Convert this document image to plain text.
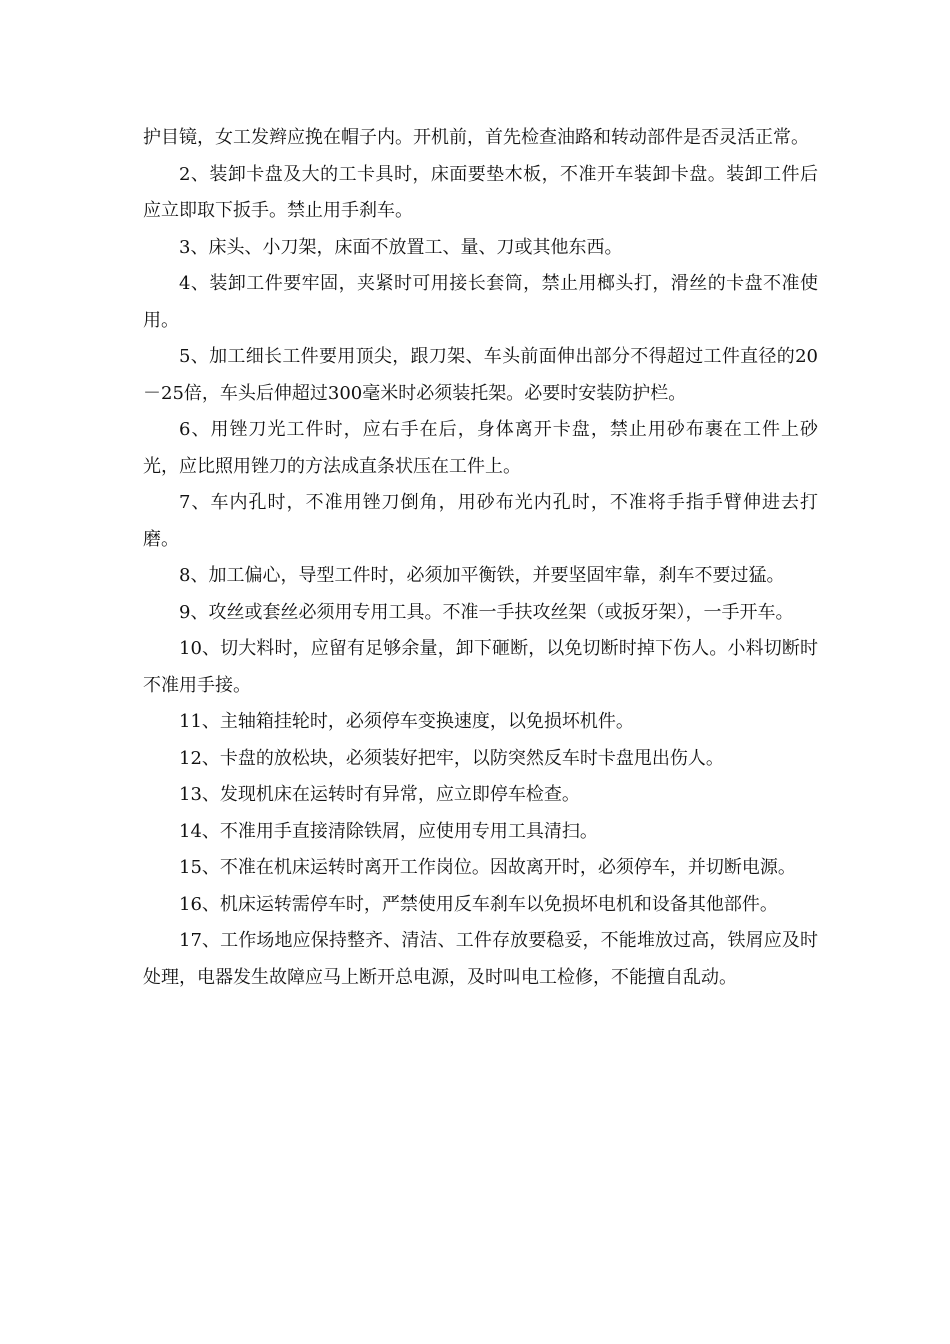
护目镜，女工发辫应挽在帽子内。开机前，首先检查油路和转动部件是否灵活正常。

2、装卸卡盘及大的工卡具时，床面要垫木板，不准开车装卸卡盘。装卸工件后应立即取下扳手。禁止用手刹车。

3、床头、小刀架，床面不放置工、量、刀或其他东西。

4、装卸工件要牢固，夹紧时可用接长套筒，禁止用榔头打，滑丝的卡盘不准使用。

5、加工细长工件要用顶尖，跟刀架、车头前面伸出部分不得超过工件直径的20－25倍，车头后伸超过300毫米时必须装托架。必要时安装防护栏。

6、用锉刀光工件时，应右手在后，身体离开卡盘，禁止用砂布裹在工件上砂光，应比照用锉刀的方法成直条状压在工件上。

7、车内孔时，不准用锉刀倒角，用砂布光内孔时，不准将手指手臂伸进去打磨。

8、加工偏心，导型工件时，必须加平衡铁，并要坚固牢靠，刹车不要过猛。

9、攻丝或套丝必须用专用工具。不准一手扶攻丝架（或扳牙架），一手开车。

10、切大料时，应留有足够余量，卸下砸断，以免切断时掉下伤人。小料切断时不准用手接。

11、主轴箱挂轮时，必须停车变换速度，以免损坏机件。

12、卡盘的放松块，必须装好把牢，以防突然反车时卡盘甩出伤人。

13、发现机床在运转时有异常，应立即停车检查。

14、不准用手直接清除铁屑，应使用专用工具清扫。

15、不准在机床运转时离开工作岗位。因故离开时，必须停车，并切断电源。

16、机床运转需停车时，严禁使用反车刹车以免损坏电机和设备其他部件。

17、工作场地应保持整齐、清洁、工件存放要稳妥，不能堆放过高，铁屑应及时处理，电器发生故障应马上断开总电源，及时叫电工检修，不能擅自乱动。
